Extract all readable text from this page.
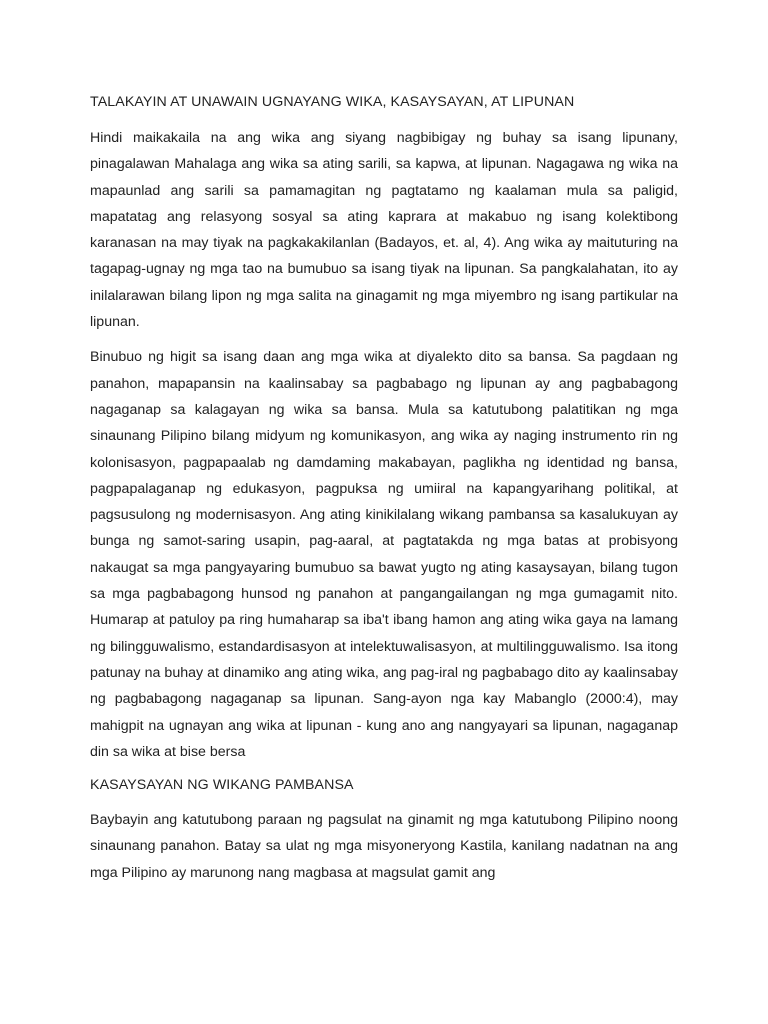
TALAKAYIN AT UNAWAIN UGNAYANG WIKA, KASAYSAYAN, AT LIPUNAN

Hindi maikakaila na ang wika ang siyang nagbibigay ng buhay sa isang lipunany, pinagalawan Mahalaga ang wika sa ating sarili, sa kapwa, at lipunan. Nagagawa ng wika na mapaunlad ang sarili sa pamamagitan ng pagtatamo ng kaalaman mula sa paligid, mapatatag ang relasyong sosyal sa ating kaprara at makabuo ng isang kolektibong karanasan na may tiyak na pagkakakilanlan (Badayos, et. al, 4). Ang wika ay maituturing na tagapag-ugnay ng mga tao na bumubuo sa isang tiyak na lipunan. Sa pangkalahatan, ito ay inilalarawan bilang lipon ng mga salita na ginagamit ng mga miyembro ng isang partikular na lipunan.

Binubuo ng higit sa isang daan ang mga wika at diyalekto dito sa bansa. Sa pagdaan ng panahon, mapapansin na kaalinsabay sa pagbabago ng lipunan ay ang pagbabagong nagaganap sa kalagayan ng wika sa bansa. Mula sa katutubong palatitikan ng mga sinaunang Pilipino bilang midyum ng komunikasyon, ang wika ay naging instrumento rin ng kolonisasyon, pagpapaalab ng damdaming makabayan, paglikha ng identidad ng bansa, pagpapalaganap ng edukasyon, pagpuksa ng umiiral na kapangyarihang politikal, at pagsusulong ng modernisasyon. Ang ating kinikilalang wikang pambansa sa kasalukuyan ay bunga ng samot-saring usapin, pag-aaral, at pagtatakda ng mga batas at probisyong nakaugat sa mga pangyayaring bumubuo sa bawat yugto ng ating kasaysayan, bilang tugon sa mga pagbabagong hunsod ng panahon at pangangailangan ng mga gumagamit nito. Humarap at patuloy pa ring humaharap sa iba't ibang hamon ang ating wika gaya na lamang ng bilingguwalismo, estandardisasyon at intelektuwalisasyon, at multilingguwalismo. Isa itong patunay na buhay at dinamiko ang ating wika, ang pag-iral ng pagbabago dito ay kaalinsabay ng pagbabagong nagaganap sa lipunan. Sang-ayon nga kay Mabanglo (2000:4), may mahigpit na ugnayan ang wika at lipunan - kung ano ang nangyayari sa lipunan, nagaganap din sa wika at bise bersa

KASAYSAYAN NG WIKANG PAMBANSA

Baybayin ang katutubong paraan ng pagsulat na ginamit ng mga katutubong Pilipino noong sinaunang panahon. Batay sa ulat ng mga misyoneryong Kastila, kanilang nadatnan na ang mga Pilipino ay marunong nang magbasa at magsulat gamit ang
